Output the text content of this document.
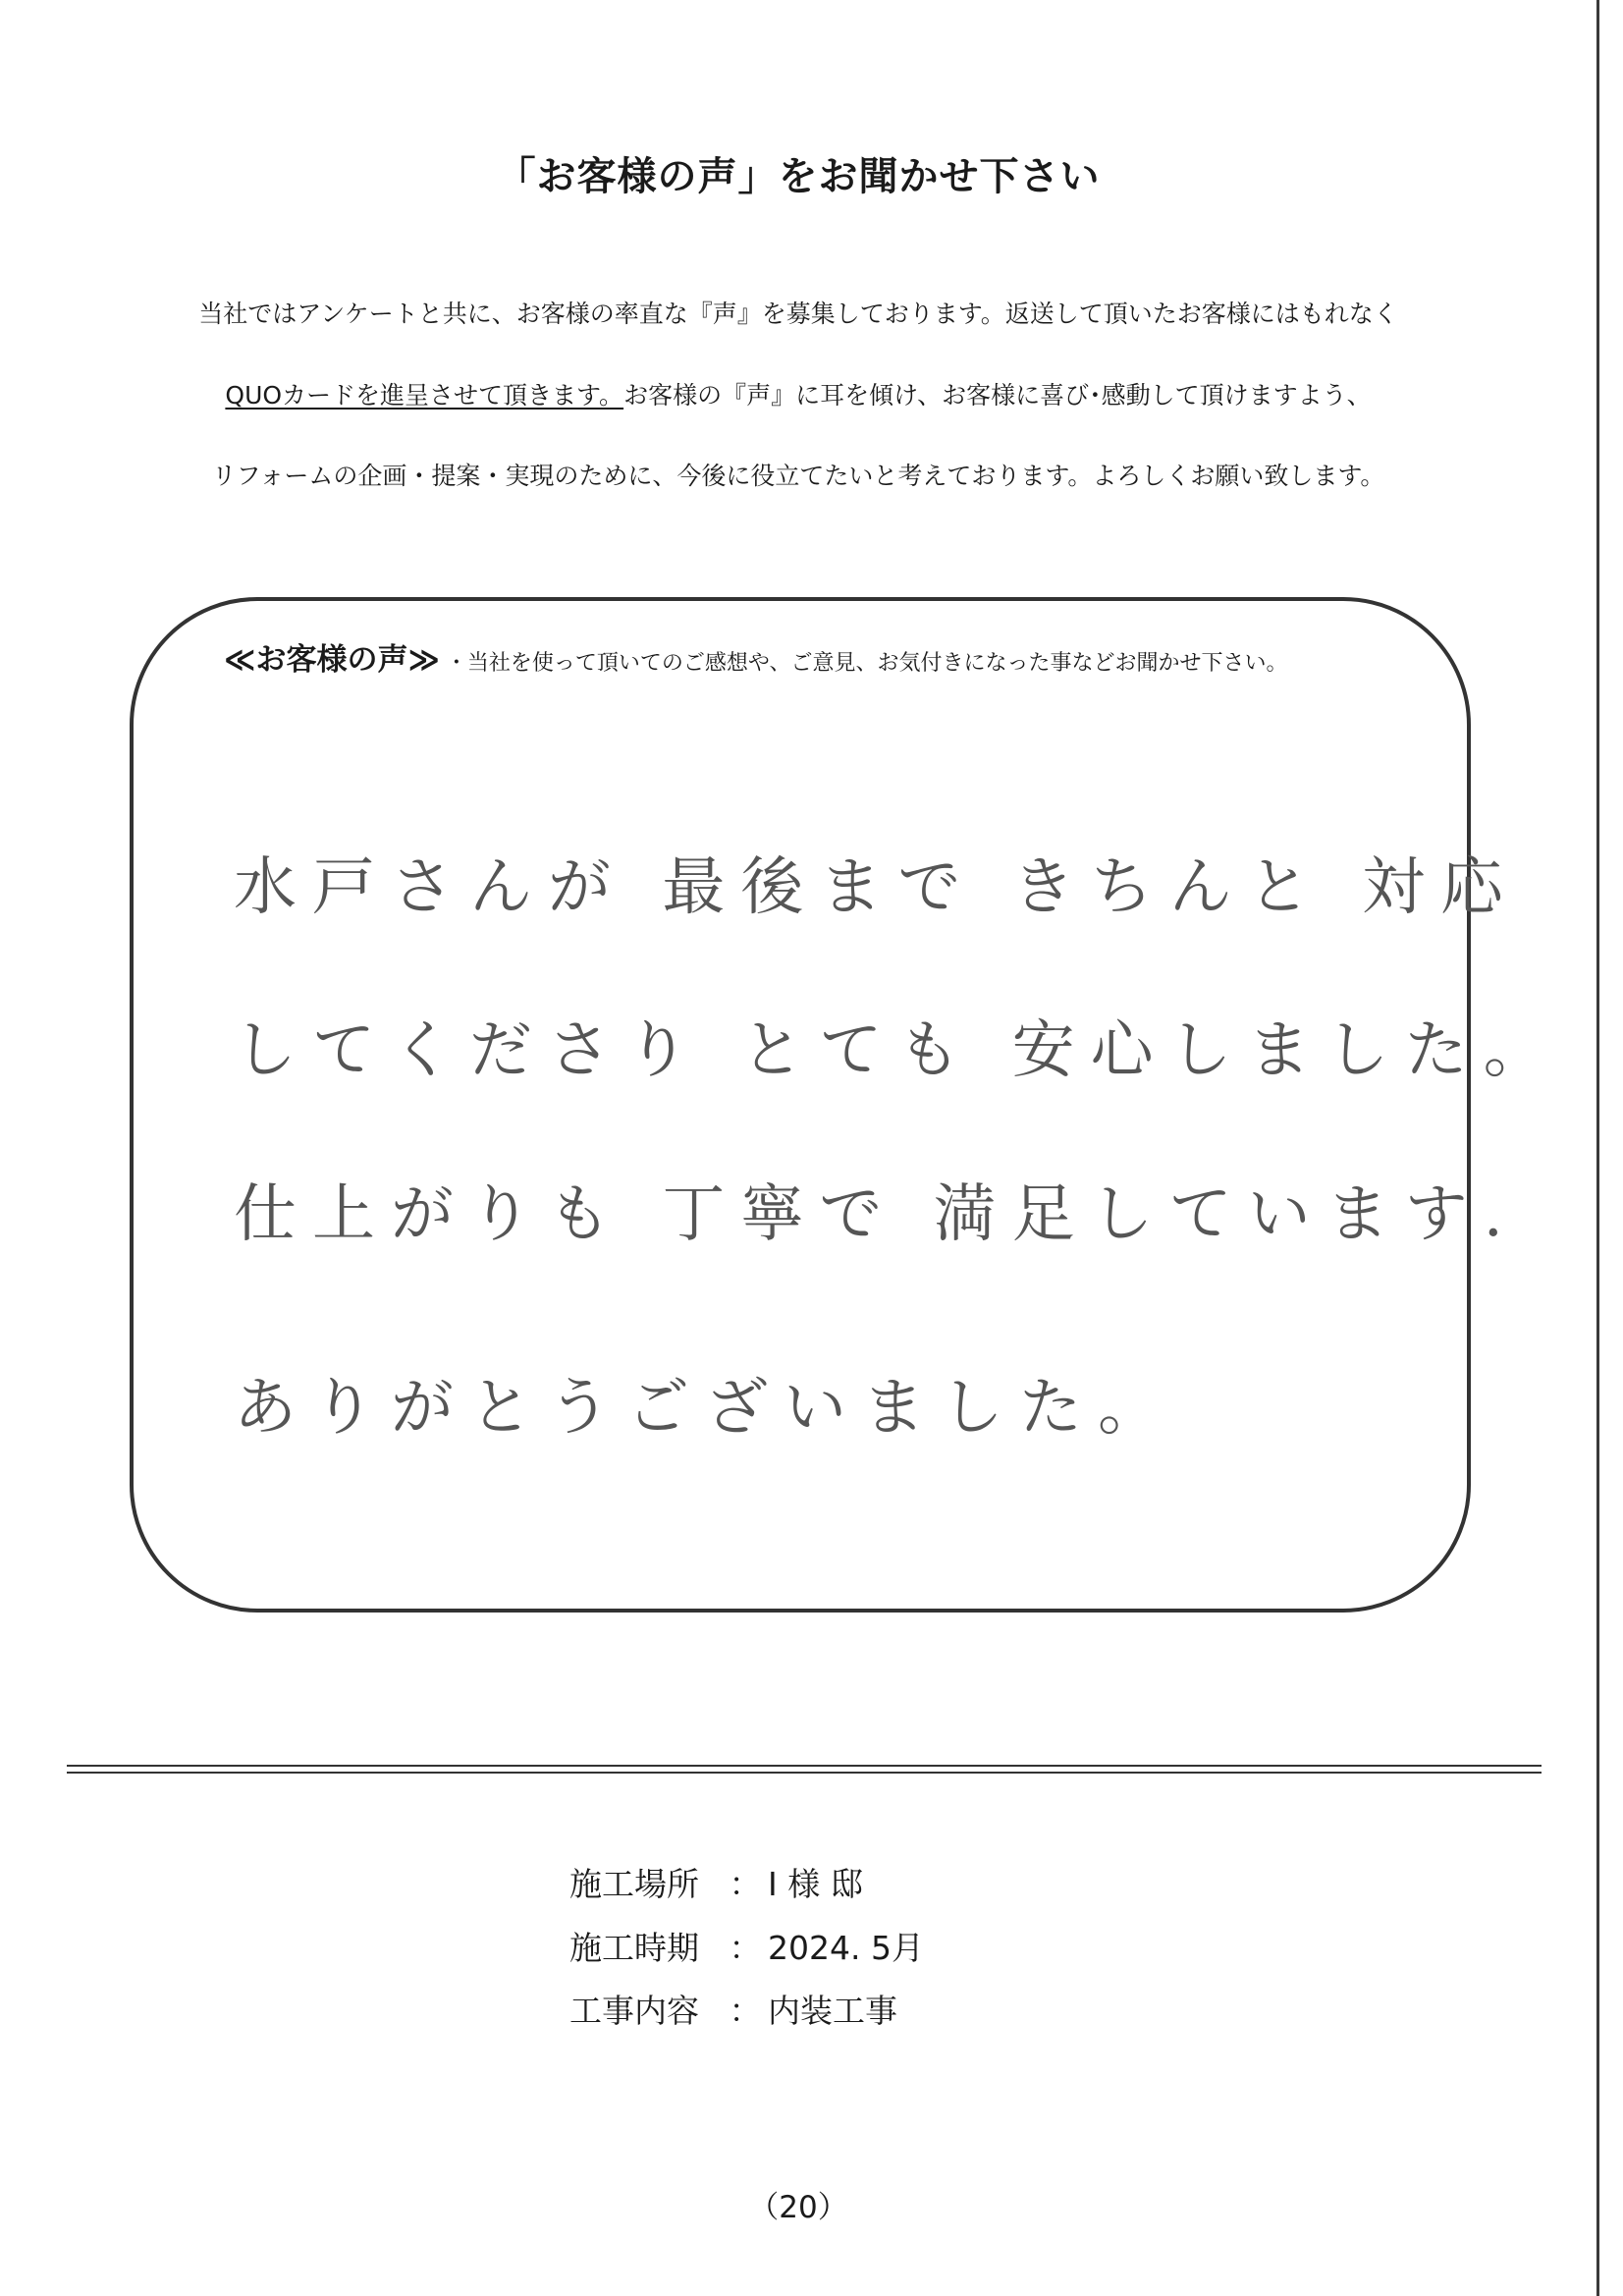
「お客様の声」をお聞かせ下さい
当社ではアンケートと共に、お客様の率直な『声』を募集しております。返送して頂いたお客様にはもれなく
QUOカードを進呈させて頂きます。お客様の『声』に耳を傾け、お客様に喜び･感動して頂けますよう、
リフォームの企画・提案・実現のために、今後に役立てたいと考えております。よろしくお願い致します。
≪お客様の声≫ ・当社を使って頂いてのご感想や、ご意見、お気付きになった事などお聞かせ下さい。
水戸さんが 最後まで きちんと 対応
してくださり とても 安心しました。
仕上がりも 丁寧で 満足しています.
ありがとうございました。
施工場所 ： I 様 邸
施工時期 ： 2024. 5月
工事内容 ： 内装工事
（20）
